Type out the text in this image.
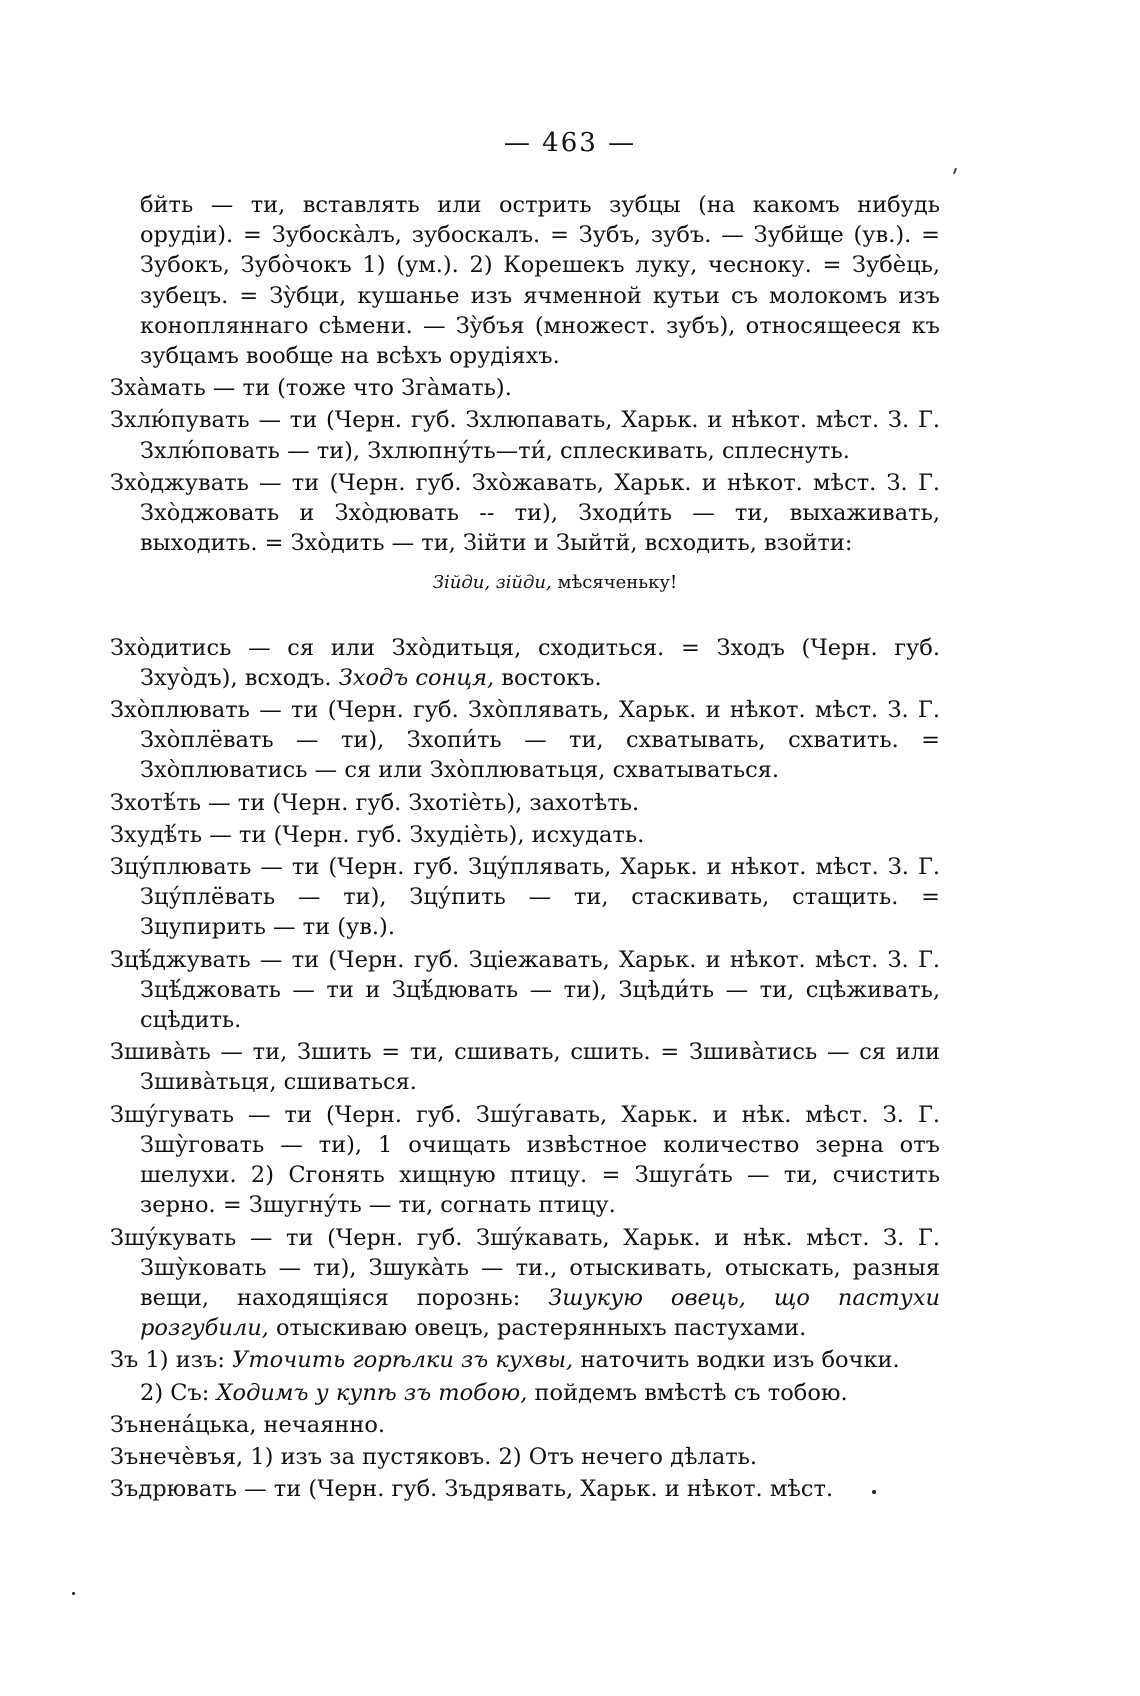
— 463 —

бйть — ти, вставлять или острить зубцы (на какомъ нибудь орудіи). = Зубоскàлъ, зубоскалъ. = Зубъ, зубъ. — Зубйще (ув.). = Зубокъ, Зубòчокъ 1) (ум.). 2) Корешекъ луку, чесноку. = Зубèць, зубецъ. = Зỳбци, кушанье изъ ячменной кутьи съ молокомъ изъ конопляннаго сѣмени. — Зỳбъя (множест. зубъ), относящееся къ зубцамъ вообще на всѣхъ орудіяхъ.

Зхàмать — ти (тоже что Згàмать).

Зхлю́пувать — ти (Черн. губ. Зхлюпавать, Харьк. и нѣкот. мѣст. З. Г. Зхлю́повать — ти), Зхлюпну́ть—ти́, сплескивать, сплеснуть.

Зхòджувать — ти (Черн. губ. Зхòжавать, Харьк. и нѣкот. мѣст. З. Г. Зхòджовать и Зхòдювать -- ти), Зходи́ть — ти, выхаживать, выходить. = Зхòдить — ти, Зійти и Зыйтй, всходить, взойти:

Зійди, зійди, мѣсяченьку!

Зхòдитись — ся или Зхòдитьця, сходиться. = Зходъ (Черн. губ. Зхуòдъ), всходъ. Зходъ сонця, востокъ.

Зхòплювать — ти (Черн. губ. Зхòплявать, Харьк. и нѣкот. мѣст. З. Г. Зхòплёвать — ти), Зхопи́ть — ти, схватывать, схватить. = Зхòплюватись — ся или Зхòплюватьця, схватываться.

Зхотѣ́ть — ти (Черн. губ. Зхотіѐть), захотѣть.

Зхудѣ́ть — ти (Черн. губ. Зхудіѐть), исхудать.

Зцу́плювать — ти (Черн. губ. Зцу́плявать, Харьк. и нѣкот. мѣст. З. Г. Зцу́плёвать — ти), Зцу́пить — ти, стаскивать, стащить. = Зцупирить — ти (ув.).

Зцѣ́джувать — ти (Черн. губ. Зціежавать, Харьк. и нѣкот. мѣст. З. Г. Зцѣ́джовать — ти и Зцѣ́дювать — ти), Зцѣди́ть — ти, сцѣживать, сцѣдить.

Зшивàть — ти, Зшить = ти, сшивать, сшить. = Зшивàтись — ся или Зшивàтьця, сшиваться.

Зшу́гувать — ти (Черн. губ. Зшу́гавать, Харьк. и нѣк. мѣст. З. Г. Зшу̀говать — ти), 1 очищать извѣстное количество зерна отъ шелухи. 2) Сгонять хищную птицу. = Зшуга́ть — ти, счистить зерно. = Зшугну́ть — ти, согнать птицу.

Зшу́кувать — ти (Черн. губ. Зшу́кавать, Харьк. и нѣк. мѣст. З. Г. Зшу̀ковать — ти), Зшукàть — ти., отыскивать, отыскать, разныя вещи, находящіяся порознь: Зшукую овець, що пастухи розгубили, отыскиваю овецъ, растерянныхъ пастухами.

Зъ 1) изъ: Уточить горѣлки зъ кухвы, наточить водки изъ бочки.

2) Съ: Ходимъ у купѣ зъ тобою, пойдемъ вмѣстѣ съ тобою.

Зънена́цька, нечаянно.

Зънечѐвъя, 1) изъ за пустяковъ. 2) Отъ нечего дѣлать.

Зъдрювать — ти (Черн. губ. Зъдрявать, Харьк. и нѣкот. мѣст.
